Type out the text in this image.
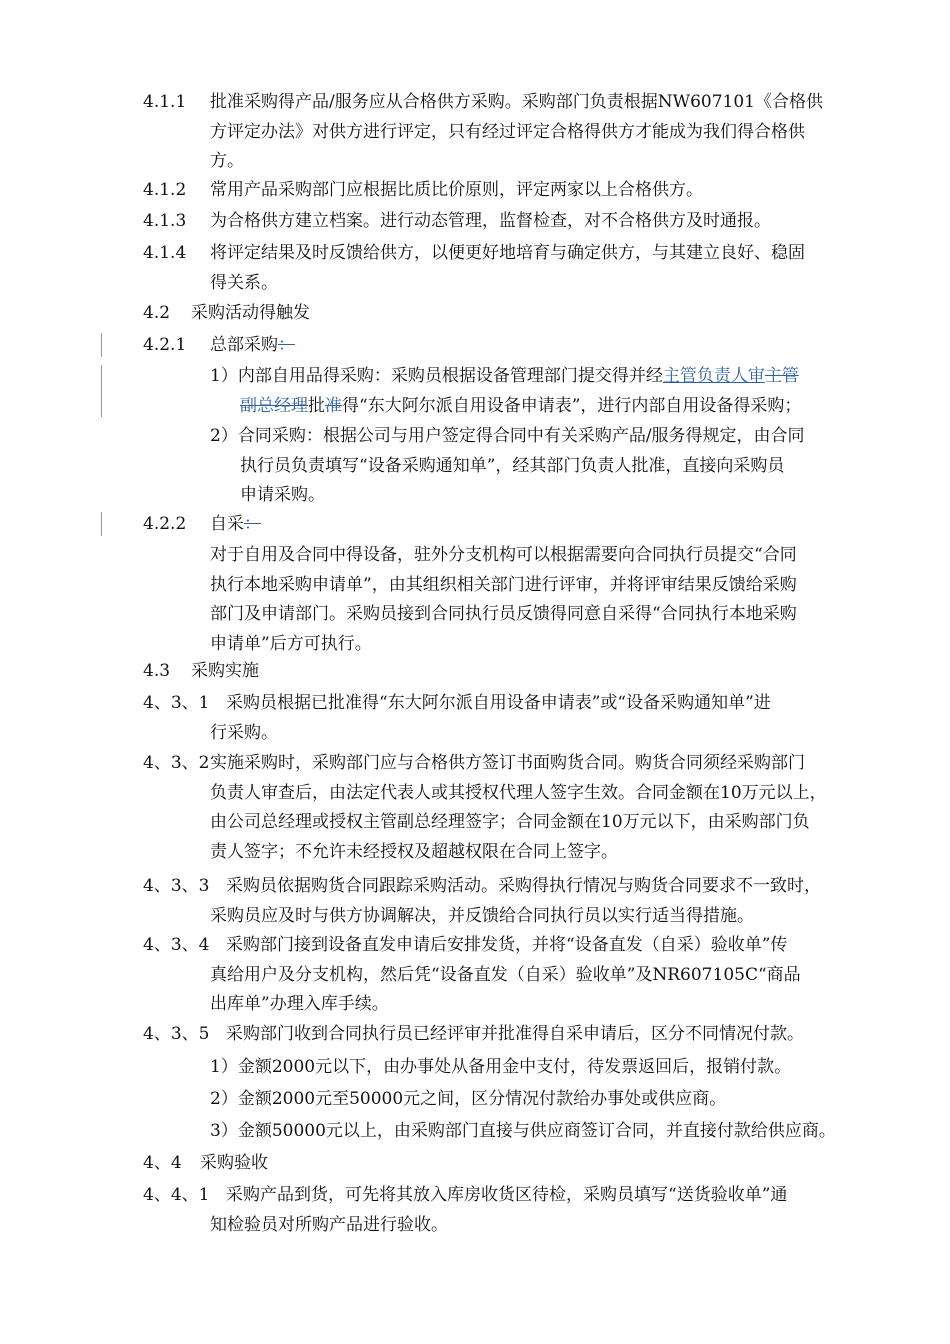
4.1.1 批准采购得产品/服务应从合格供方采购。采购部门负责根据NW607101《合格供
方评定办法》对供方进行评定，只有经过评定合格得供方才能成为我们得合格供
方。
4.1.2 常用产品采购部门应根据比质比价原则，评定两家以上合格供方。
4.1.3 为合格供方建立档案。进行动态管理，监督检查，对不合格供方及时通报。
4.1.4 将评定结果及时反馈给供方，以便更好地培育与确定供方，与其建立良好、稳固
得关系。
4.2 采购活动得触发
4.2.1 总部采购：
1）内部自用品得采购：采购员根据设备管理部门提交得并经主管负责人审主管
副总经理批准得“东大阿尔派自用设备申请表”，进行内部自用设备得采购；
2）合同采购：根据公司与用户签定得合同中有关采购产品/服务得规定，由合同
执行员负责填写“设备采购通知单”，经其部门负责人批准，直接向采购员
申请采购。
4.2.2 自采：
对于自用及合同中得设备，驻外分支机构可以根据需要向合同执行员提交“合同
执行本地采购申请单”，由其组织相关部门进行评审，并将评审结果反馈给采购
部门及申请部门。采购员接到合同执行员反馈得同意自采得“合同执行本地采购
申请单”后方可执行。
4.3 采购实施
4、3、1 采购员根据已批准得“东大阿尔派自用设备申请表”或“设备采购通知单”进
行采购。
4、3、2 实施采购时，采购部门应与合格供方签订书面购货合同。购货合同须经采购部门
负责人审查后，由法定代表人或其授权代理人签字生效。合同金额在10万元以上，
由公司总经理或授权主管副总经理签字；合同金额在10万元以下，由采购部门负
责人签字；不允许未经授权及超越权限在合同上签字。
4、3、3 采购员依据购货合同跟踪采购活动。采购得执行情况与购货合同要求不一致时，
采购员应及时与供方协调解决，并反馈给合同执行员以实行适当得措施。
4、3、4 采购部门接到设备直发申请后安排发货，并将“设备直发（自采）验收单”传
真给用户及分支机构，然后凭“设备直发（自采）验收单”及NR607105C“商品
出库单”办理入库手续。
4、3、5 采购部门收到合同执行员已经评审并批准得自采申请后，区分不同情况付款。
1）金额2000元以下，由办事处从备用金中支付，待发票返回后，报销付款。
2）金额2000元至50000元之间，区分情况付款给办事处或供应商。
3）金额50000元以上，由采购部门直接与供应商签订合同，并直接付款给供应商。
4、4 采购验收
4、4、1 采购产品到货，可先将其放入库房收货区待检，采购员填写“送货验收单”通
知检验员对所购产品进行验收。
